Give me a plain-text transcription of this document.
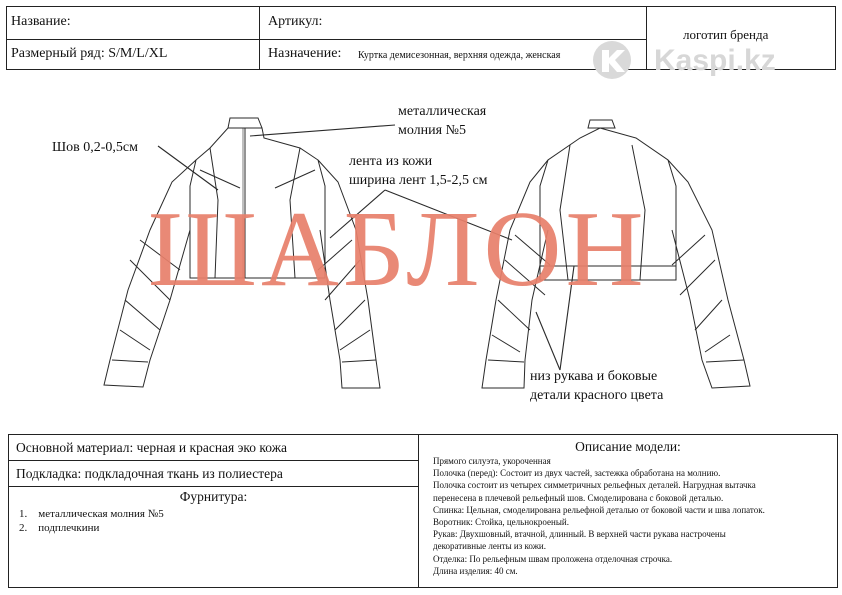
Название:	Артикул:
Размерный ряд: S/M/L/XL	Назначение: Куртка демисезонная, верхняя одежда, женская
логотип бренда
Kaspi.kz
ШАБЛОН
металлическая
молния №5
Шов 0,2-0,5см
лента из кожи
ширина лент 1,5-2,5 см
низ рукава и боковые
детали красного цвета
Основной материал: черная и красная эко кожа
Подкладка: подкладочная ткань из полиестера
Фурнитура:
1.    металлическая молния №5
2.    подплечкини
Описание модели:

Прямого силуэта, укороченная

Полочка (перед): Состоит из двух частей, застежка обработана на молнию.

Полочка состоит из четырех симметричных рельефных деталей. Нагрудная вытачка

перенесена в плечевой рельефный шов. Смоделирована с боковой деталью.

Спинка: Цельная, смоделирована рельефной деталью от боковой части и шва лопаток.

Воротник: Стойка, цельнокроеный.

Рукав: Двухшовный, втачной, длинный. В верхней части рукава настрочены

декоративные ленты из кожи.

Отделка: По рельефным швам проложена отделочная строчка.

Длина изделия: 40 см.
